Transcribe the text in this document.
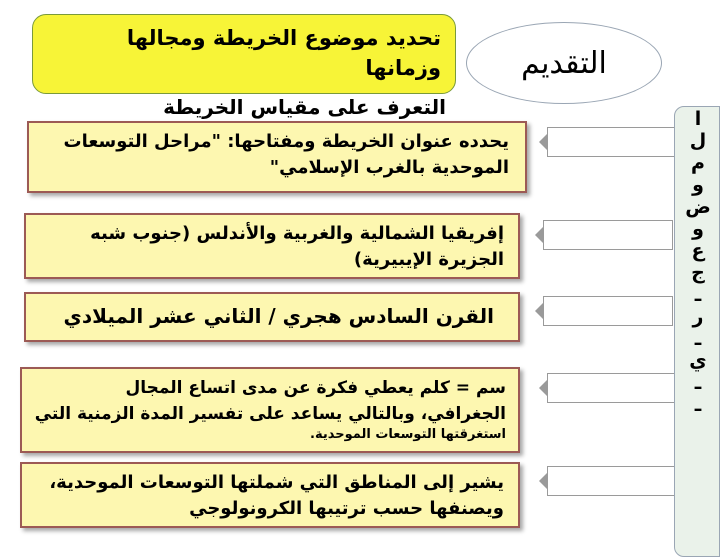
تحديد موضوع الخريطة ومجالها
وزمانها	التقديم
التعرف على مقياس الخريطة
يحدده عنوان الخريطة ومفتاحها: "مراحل التوسعات
الموحدية بالغرب الإسلامي"
إفريقيا الشمالية والغربية والأندلس (جنوب شبه
الجزيرة الإيبيرية)
القرن السادس هجري / الثاني عشر الميلادي
سم = كلم يعطي فكرة عن مدى اتساع المجال
الجغرافي، وبالتالي يساعد على تفسير المدة الزمنية التي
استغرقتها التوسعات الموحدية.
يشير إلى المناطق التي شملتها التوسعات الموحدية،
ويصنفها حسب ترتيبها الكرونولوجي
ا
ل
م
و
ض
و
ع
ج
ـ
ر
ـ
ي
ـ
ـ
